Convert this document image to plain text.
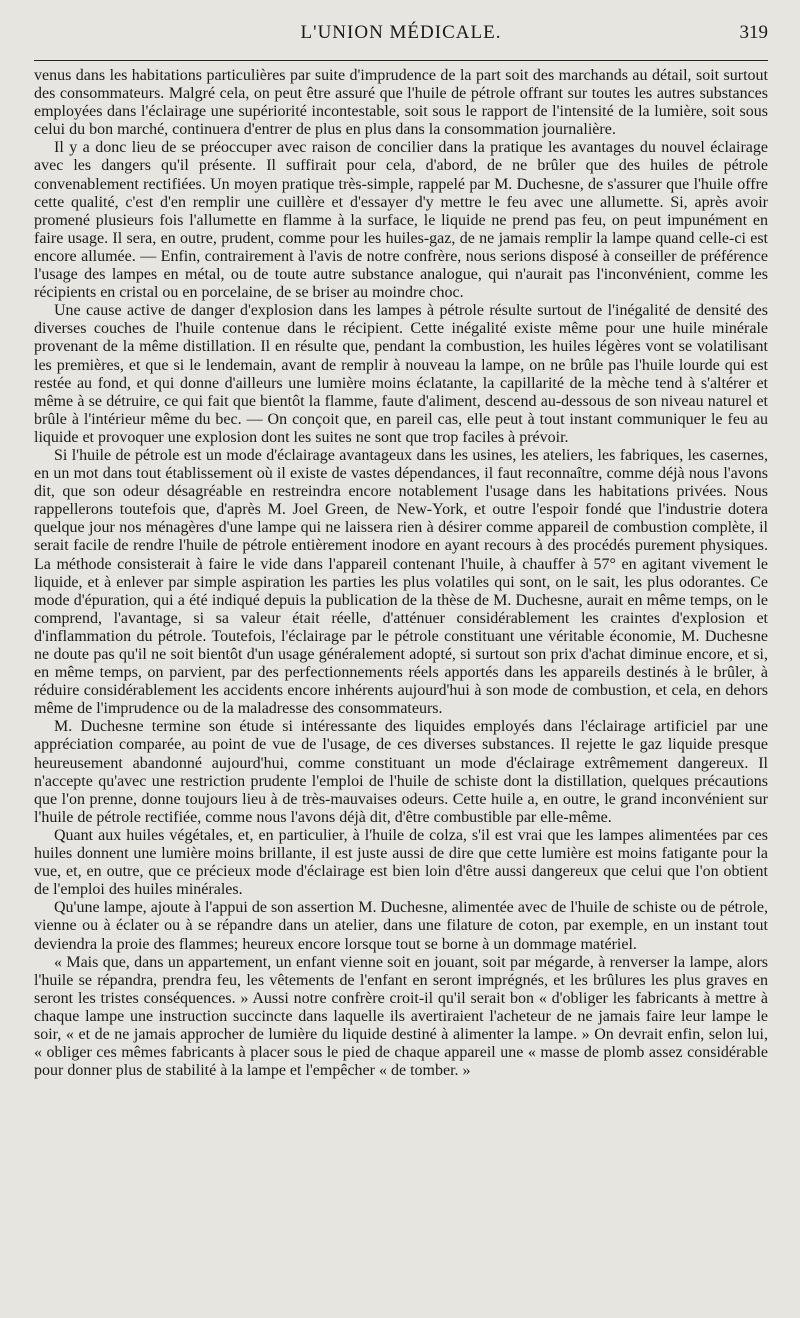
L'UNION MÉDICALE.	319

venus dans les habitations particulières par suite d'imprudence de la part soit des marchands au détail, soit surtout des consommateurs. Malgré cela, on peut être assuré que l'huile de pétrole offrant sur toutes les autres substances employées dans l'éclairage une supériorité incontestable, soit sous le rapport de l'intensité de la lumière, soit sous celui du bon marché, continuera d'entrer de plus en plus dans la consommation journalière.

Il y a donc lieu de se préoccuper avec raison de concilier dans la pratique les avantages du nouvel éclairage avec les dangers qu'il présente. Il suffirait pour cela, d'abord, de ne brûler que des huiles de pétrole convenablement rectifiées. Un moyen pratique très-simple, rappelé par M. Duchesne, de s'assurer que l'huile offre cette qualité, c'est d'en remplir une cuillère et d'essayer d'y mettre le feu avec une allumette. Si, après avoir promené plusieurs fois l'allumette en flamme à la surface, le liquide ne prend pas feu, on peut impunément en faire usage. Il sera, en outre, prudent, comme pour les huiles-gaz, de ne jamais remplir la lampe quand celle-ci est encore allumée. — Enfin, contrairement à l'avis de notre confrère, nous serions disposé à conseiller de préférence l'usage des lampes en métal, ou de toute autre substance analogue, qui n'aurait pas l'inconvénient, comme les récipients en cristal ou en porcelaine, de se briser au moindre choc.

Une cause active de danger d'explosion dans les lampes à pétrole résulte surtout de l'inégalité de densité des diverses couches de l'huile contenue dans le récipient. Cette inégalité existe même pour une huile minérale provenant de la même distillation. Il en résulte que, pendant la combustion, les huiles légères vont se volatilisant les premières, et que si le lendemain, avant de remplir à nouveau la lampe, on ne brûle pas l'huile lourde qui est restée au fond, et qui donne d'ailleurs une lumière moins éclatante, la capillarité de la mèche tend à s'altérer et même à se détruire, ce qui fait que bientôt la flamme, faute d'aliment, descend au-dessous de son niveau naturel et brûle à l'intérieur même du bec. — On conçoit que, en pareil cas, elle peut à tout instant communiquer le feu au liquide et provoquer une explosion dont les suites ne sont que trop faciles à prévoir.

Si l'huile de pétrole est un mode d'éclairage avantageux dans les usines, les ateliers, les fabriques, les casernes, en un mot dans tout établissement où il existe de vastes dépendances, il faut reconnaître, comme déjà nous l'avons dit, que son odeur désagréable en restreindra encore notablement l'usage dans les habitations privées. Nous rappellerons toutefois que, d'après M. Joel Green, de New-York, et outre l'espoir fondé que l'industrie dotera quelque jour nos ménagères d'une lampe qui ne laissera rien à désirer comme appareil de combustion complète, il serait facile de rendre l'huile de pétrole entièrement inodore en ayant recours à des procédés purement physiques. La méthode consisterait à faire le vide dans l'appareil contenant l'huile, à chauffer à 57° en agitant vivement le liquide, et à enlever par simple aspiration les parties les plus volatiles qui sont, on le sait, les plus odorantes. Ce mode d'épuration, qui a été indiqué depuis la publication de la thèse de M. Duchesne, aurait en même temps, on le comprend, l'avantage, si sa valeur était réelle, d'atténuer considérablement les craintes d'explosion et d'inflammation du pétrole. Toutefois, l'éclairage par le pétrole constituant une véritable économie, M. Duchesne ne doute pas qu'il ne soit bientôt d'un usage généralement adopté, si surtout son prix d'achat diminue encore, et si, en même temps, on parvient, par des perfectionnements réels apportés dans les appareils destinés à le brûler, à réduire considérablement les accidents encore inhérents aujourd'hui à son mode de combustion, et cela, en dehors même de l'imprudence ou de la maladresse des consommateurs.

M. Duchesne termine son étude si intéressante des liquides employés dans l'éclairage artificiel par une appréciation comparée, au point de vue de l'usage, de ces diverses substances. Il rejette le gaz liquide presque heureusement abandonné aujourd'hui, comme constituant un mode d'éclairage extrêmement dangereux. Il n'accepte qu'avec une restriction prudente l'emploi de l'huile de schiste dont la distillation, quelques précautions que l'on prenne, donne toujours lieu à de très-mauvaises odeurs. Cette huile a, en outre, le grand inconvénient sur l'huile de pétrole rectifiée, comme nous l'avons déjà dit, d'être combustible par elle-même.

Quant aux huiles végétales, et, en particulier, à l'huile de colza, s'il est vrai que les lampes alimentées par ces huiles donnent une lumière moins brillante, il est juste aussi de dire que cette lumière est moins fatigante pour la vue, et, en outre, que ce précieux mode d'éclairage est bien loin d'être aussi dangereux que celui que l'on obtient de l'emploi des huiles minérales.

Qu'une lampe, ajoute à l'appui de son assertion M. Duchesne, alimentée avec de l'huile de schiste ou de pétrole, vienne ou à éclater ou à se répandre dans un atelier, dans une filature de coton, par exemple, en un instant tout deviendra la proie des flammes; heureux encore lorsque tout se borne à un dommage matériel.

« Mais que, dans un appartement, un enfant vienne soit en jouant, soit par mégarde, à renverser la lampe, alors l'huile se répandra, prendra feu, les vêtements de l'enfant en seront imprégnés, et les brûlures les plus graves en seront les tristes conséquences. » Aussi notre confrère croit-il qu'il serait bon « d'obliger les fabricants à mettre à chaque lampe une instruction succincte dans laquelle ils avertiraient l'acheteur de ne jamais faire leur lampe le soir, « et de ne jamais approcher de lumière du liquide destiné à alimenter la lampe. » On devrait enfin, selon lui, « obliger ces mêmes fabricants à placer sous le pied de chaque appareil une « masse de plomb assez considérable pour donner plus de stabilité à la lampe et l'empêcher « de tomber. »
